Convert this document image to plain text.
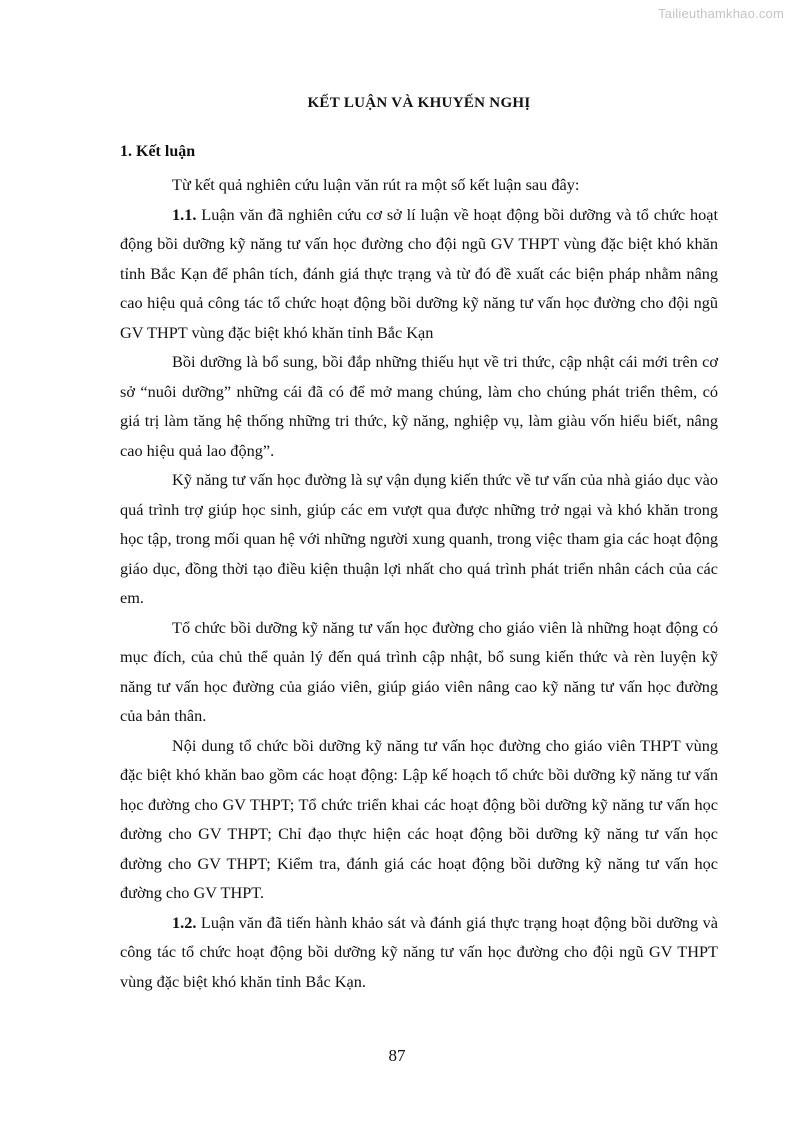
Tailieuthamkhao.com
KẾT LUẬN VÀ KHUYẾN NGHỊ
1. Kết luận

Từ kết quả nghiên cứu luận văn rút ra một số kết luận sau đây:

1.1. Luận văn đã nghiên cứu cơ sở lí luận về hoạt động bồi dưỡng và tổ chức hoạt động bồi dưỡng kỹ năng tư vấn học đường cho đội ngũ GV THPT vùng đặc biệt khó khăn tỉnh Bắc Kạn để phân tích, đánh giá thực trạng và từ đó đề xuất các biện pháp nhằm nâng cao hiệu quả công tác tổ chức hoạt động bồi dưỡng kỹ năng tư vấn học đường cho đội ngũ GV THPT vùng đặc biệt khó khăn tỉnh Bắc Kạn

Bồi dưỡng là bổ sung, bồi đắp những thiếu hụt về tri thức, cập nhật cái mới trên cơ sở “nuôi dưỡng” những cái đã có để mở mang chúng, làm cho chúng phát triển thêm, có giá trị làm tăng hệ thống những tri thức, kỹ năng, nghiệp vụ, làm giàu vốn hiểu biết, nâng cao hiệu quả lao động”.

Kỹ năng tư vấn học đường là sự vận dụng kiến thức về tư vấn của nhà giáo dục vào quá trình trợ giúp học sinh, giúp các em vượt qua được những trở ngại và khó khăn trong học tập, trong mối quan hệ với những người xung quanh, trong việc tham gia các hoạt động giáo dục, đồng thời tạo điều kiện thuận lợi nhất cho quá trình phát triển nhân cách của các em.

Tổ chức bồi dưỡng kỹ năng tư vấn học đường cho giáo viên là những hoạt động có mục đích, của chủ thể quản lý đến quá trình cập nhật, bổ sung kiến thức và rèn luyện kỹ năng tư vấn học đường của giáo viên, giúp giáo viên nâng cao kỹ năng tư vấn học đường của bản thân.

Nội dung tổ chức bồi dưỡng kỹ năng tư vấn học đường cho giáo viên THPT vùng đặc biệt khó khăn bao gồm các hoạt động: Lập kế hoạch tổ chức bồi dưỡng kỹ năng tư vấn học đường cho GV THPT; Tổ chức triển khai các hoạt động bồi dưỡng kỹ năng tư vấn học đường cho GV THPT; Chỉ đạo thực hiện các hoạt động bồi dưỡng kỹ năng tư vấn học đường cho GV THPT; Kiểm tra, đánh giá các hoạt động bồi dưỡng kỹ năng tư vấn học đường cho GV THPT.

1.2. Luận văn đã tiến hành khảo sát và đánh giá thực trạng hoạt động bồi dưỡng và công tác tổ chức hoạt động bồi dưỡng kỹ năng tư vấn học đường cho đội ngũ GV THPT vùng đặc biệt khó khăn tỉnh Bắc Kạn.

87
